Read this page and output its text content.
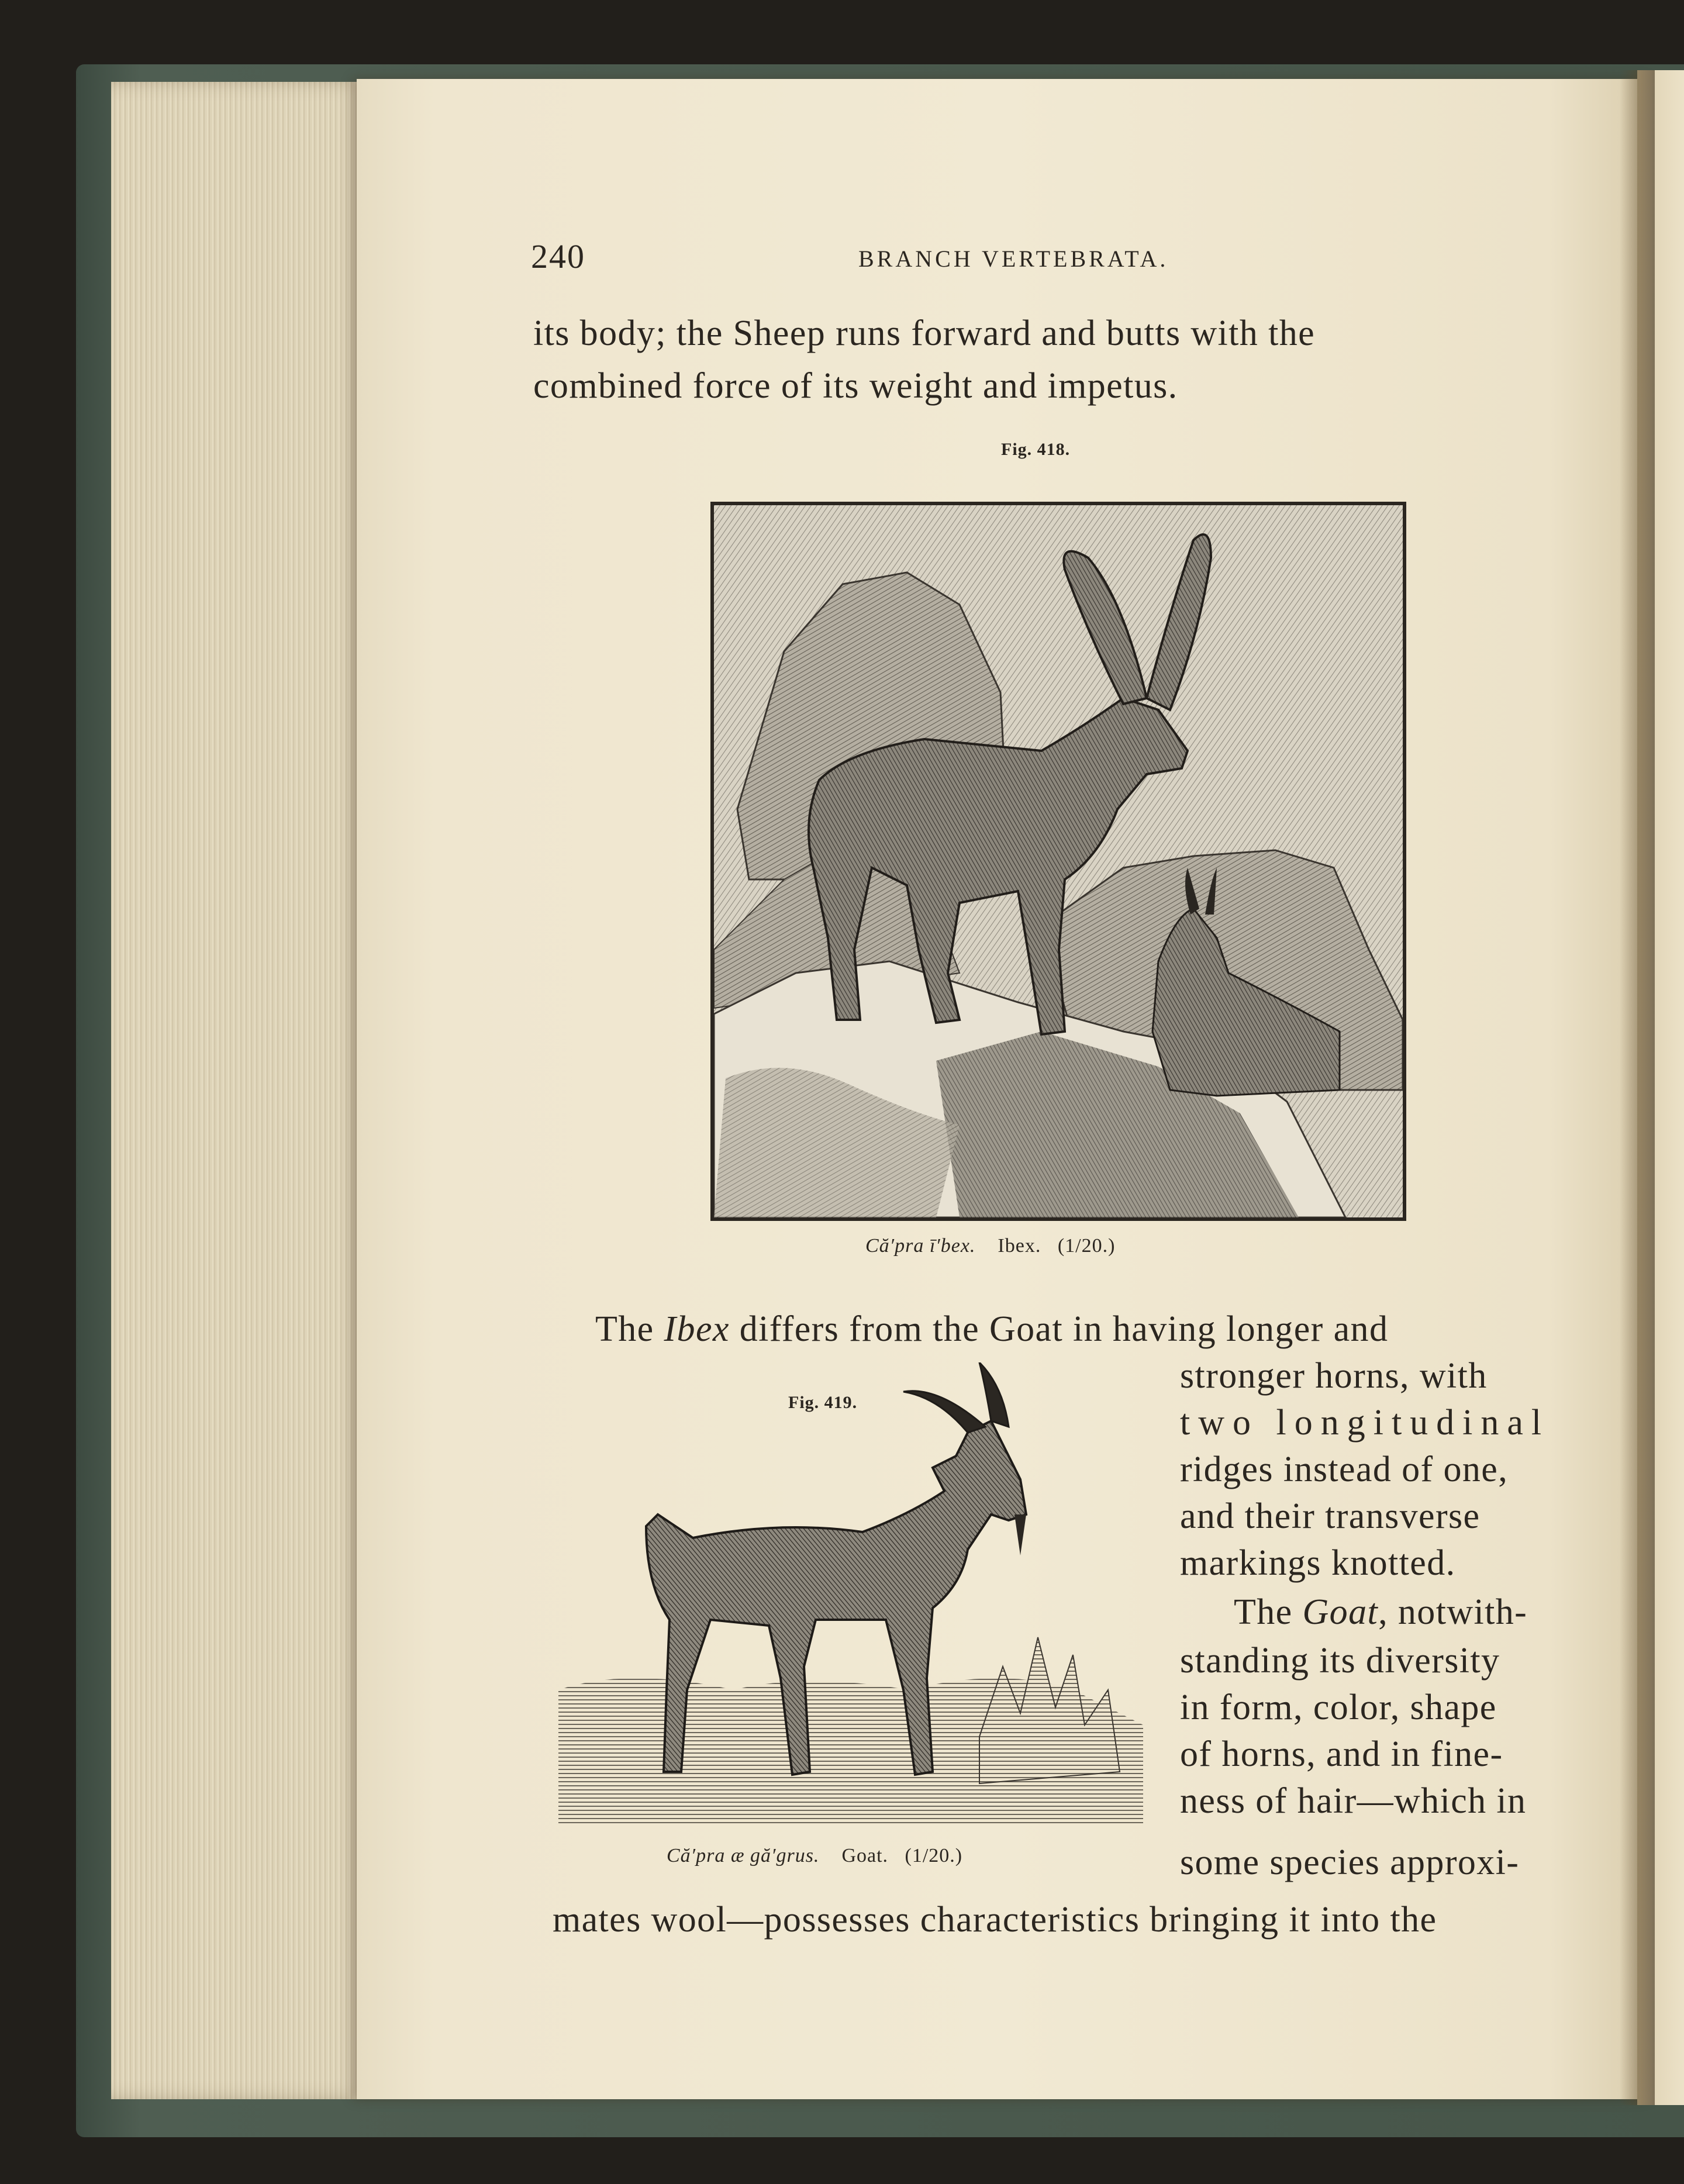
240	BRANCH VERTEBRATA.
its body; the Sheep runs forward and butts with the
combined force of its weight and impetus.
Fig. 418.
Că′pra ī′bex. Ibex. (1/20.)
The Ibex differs from the Goat in having longer and
stronger horns, with
two longitudinal
ridges instead of one,
and their transverse
markings knotted.
The Goat, notwith-
standing its diversity
in form, color, shape
of horns, and in fine-
ness of hair—which in
some species approxi-
Fig. 419.
Că′pra æ gă′grus. Goat. (1/20.)
mates wool—possesses characteristics bringing it into the
